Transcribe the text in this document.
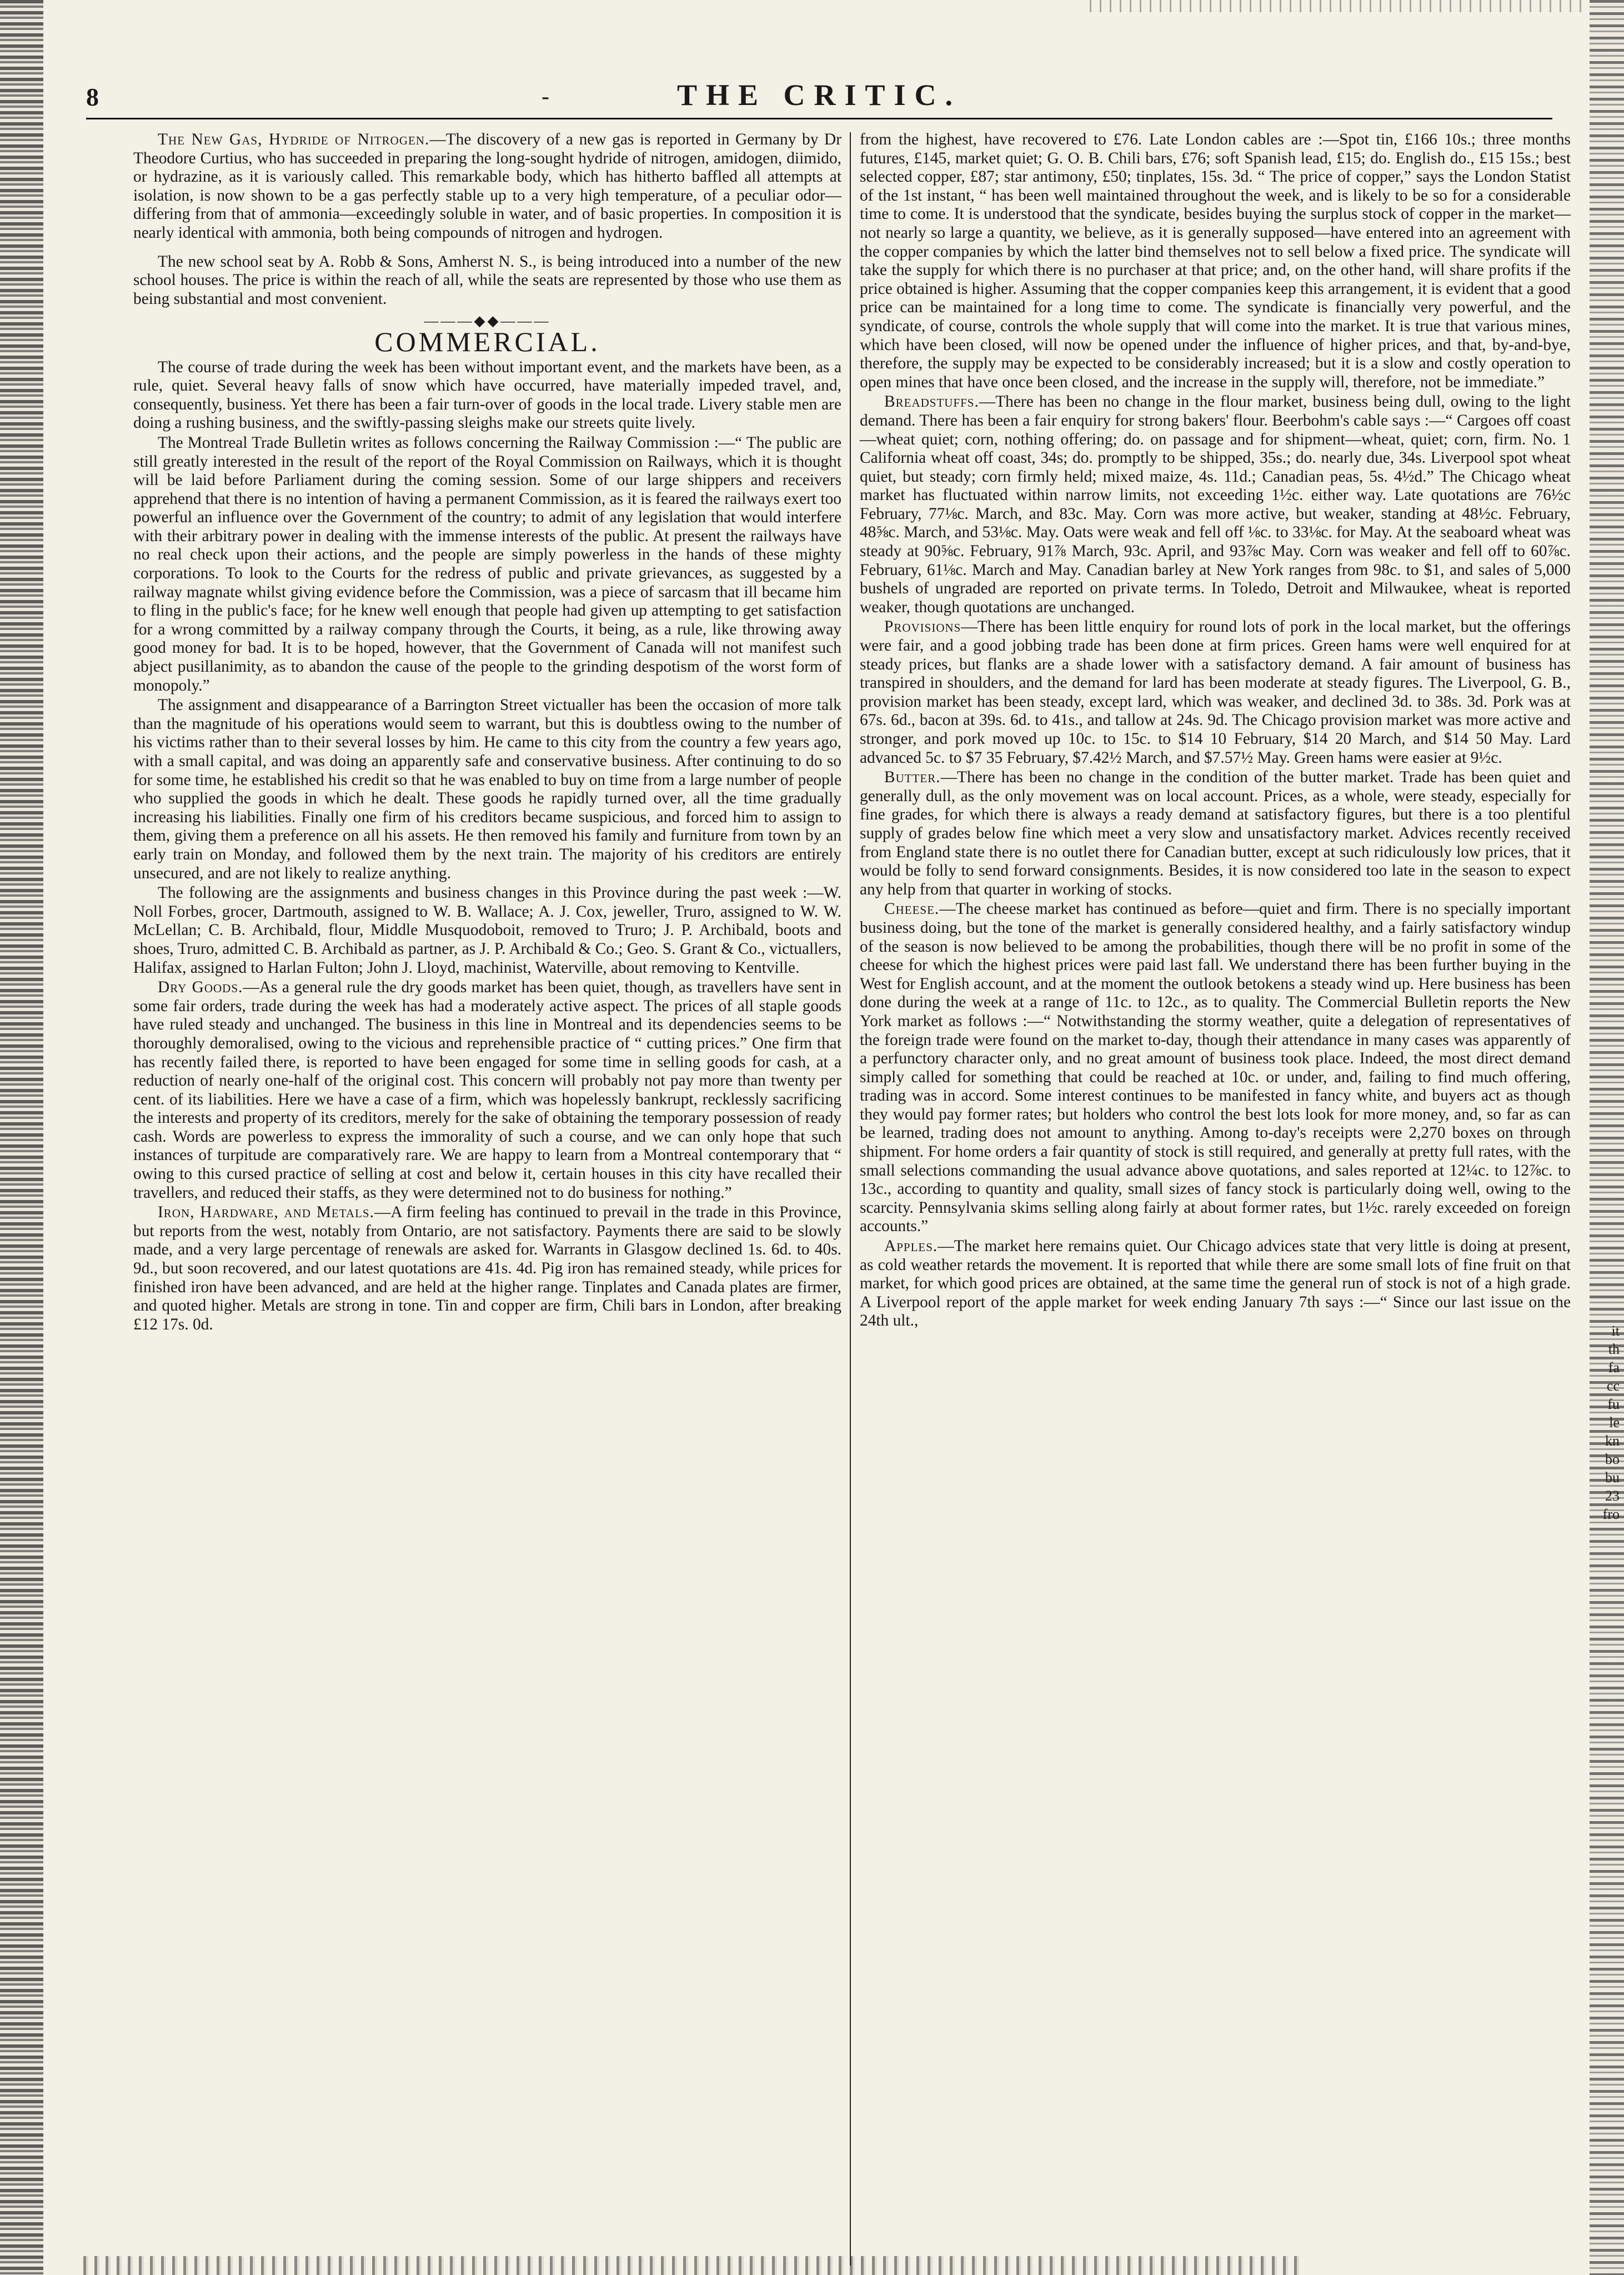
it
th
fa
cc
fu
le
kn
bo
bu
23
fro
8	-	THE CRITIC.

The New Gas, Hydride of Nitrogen.—The discovery of a new gas is reported in Germany by Dr Theodore Curtius, who has succeeded in preparing the long-sought hydride of nitrogen, amidogen, diimido, or hydrazine, as it is variously called. This remarkable body, which has hitherto baffled all attempts at isolation, is now shown to be a gas perfectly stable up to a very high temperature, of a peculiar odor—differing from that of ammonia—exceedingly soluble in water, and of basic properties. In composition it is nearly identical with ammonia, both being compounds of nitrogen and hydrogen.

The new school seat by A. Robb & Sons, Amherst N. S., is being introduced into a number of the new school houses. The price is within the reach of all, while the seats are represented by those who use them as being substantial and most convenient.

———◆◆———
COMMERCIAL.

The course of trade during the week has been without important event, and the markets have been, as a rule, quiet. Several heavy falls of snow which have occurred, have materially impeded travel, and, consequently, business. Yet there has been a fair turn-over of goods in the local trade. Livery stable men are doing a rushing business, and the swiftly-passing sleighs make our streets quite lively.

The Montreal Trade Bulletin writes as follows concerning the Railway Commission :—“ The public are still greatly interested in the result of the report of the Royal Commission on Railways, which it is thought will be laid before Parliament during the coming session. Some of our large shippers and receivers apprehend that there is no intention of having a permanent Commission, as it is feared the railways exert too powerful an influence over the Government of the country; to admit of any legislation that would interfere with their arbitrary power in dealing with the immense interests of the public. At present the railways have no real check upon their actions, and the people are simply powerless in the hands of these mighty corporations. To look to the Courts for the redress of public and private grievances, as suggested by a railway magnate whilst giving evidence before the Commission, was a piece of sarcasm that ill became him to fling in the public's face; for he knew well enough that people had given up attempting to get satisfaction for a wrong committed by a railway company through the Courts, it being, as a rule, like throwing away good money for bad. It is to be hoped, however, that the Government of Canada will not manifest such abject pusillanimity, as to abandon the cause of the people to the grinding despotism of the worst form of monopoly.”

The assignment and disappearance of a Barrington Street victualler has been the occasion of more talk than the magnitude of his operations would seem to warrant, but this is doubtless owing to the number of his victims rather than to their several losses by him. He came to this city from the country a few years ago, with a small capital, and was doing an apparently safe and conservative business. After continuing to do so for some time, he established his credit so that he was enabled to buy on time from a large number of people who supplied the goods in which he dealt. These goods he rapidly turned over, all the time gradually increasing his liabilities. Finally one firm of his creditors became suspicious, and forced him to assign to them, giving them a preference on all his assets. He then removed his family and furniture from town by an early train on Monday, and followed them by the next train. The majority of his creditors are entirely unsecured, and are not likely to realize anything.

The following are the assignments and business changes in this Province during the past week :—W. Noll Forbes, grocer, Dartmouth, assigned to W. B. Wallace; A. J. Cox, jeweller, Truro, assigned to W. W. McLellan; C. B. Archibald, flour, Middle Musquodoboit, removed to Truro; J. P. Archibald, boots and shoes, Truro, admitted C. B. Archibald as partner, as J. P. Archibald & Co.; Geo. S. Grant & Co., victuallers, Halifax, assigned to Harlan Fulton; John J. Lloyd, machinist, Waterville, about removing to Kentville.

Dry Goods.—As a general rule the dry goods market has been quiet, though, as travellers have sent in some fair orders, trade during the week has had a moderately active aspect. The prices of all staple goods have ruled steady and unchanged. The business in this line in Montreal and its dependencies seems to be thoroughly demoralised, owing to the vicious and reprehensible practice of “ cutting prices.” One firm that has recently failed there, is reported to have been engaged for some time in selling goods for cash, at a reduction of nearly one-half of the original cost. This concern will probably not pay more than twenty per cent. of its liabilities. Here we have a case of a firm, which was hopelessly bankrupt, recklessly sacrificing the interests and property of its creditors, merely for the sake of obtaining the temporary possession of ready cash. Words are powerless to express the immorality of such a course, and we can only hope that such instances of turpitude are comparatively rare. We are happy to learn from a Montreal contemporary that “ owing to this cursed practice of selling at cost and below it, certain houses in this city have recalled their travellers, and reduced their staffs, as they were determined not to do business for nothing.”

Iron, Hardware, and Metals.—A firm feeling has continued to prevail in the trade in this Province, but reports from the west, notably from Ontario, are not satisfactory. Payments there are said to be slowly made, and a very large percentage of renewals are asked for. Warrants in Glasgow declined 1s. 6d. to 40s. 9d., but soon recovered, and our latest quotations are 41s. 4d. Pig iron has remained steady, while prices for finished iron have been advanced, and are held at the higher range. Tinplates and Canada plates are firmer, and quoted higher. Metals are strong in tone. Tin and copper are firm, Chili bars in London, after breaking £12 17s. 0d.

from the highest, have recovered to £76. Late London cables are :—Spot tin, £166 10s.; three months futures, £145, market quiet; G. O. B. Chili bars, £76; soft Spanish lead, £15; do. English do., £15 15s.; best selected copper, £87; star antimony, £50; tinplates, 15s. 3d. “ The price of copper,” says the London Statist of the 1st instant, “ has been well maintained throughout the week, and is likely to be so for a considerable time to come. It is understood that the syndicate, besides buying the surplus stock of copper in the market—not nearly so large a quantity, we believe, as it is generally supposed—have entered into an agreement with the copper companies by which the latter bind themselves not to sell below a fixed price. The syndicate will take the supply for which there is no purchaser at that price; and, on the other hand, will share profits if the price obtained is higher. Assuming that the copper companies keep this arrangement, it is evident that a good price can be maintained for a long time to come. The syndicate is financially very powerful, and the syndicate, of course, controls the whole supply that will come into the market. It is true that various mines, which have been closed, will now be opened under the influence of higher prices, and that, by-and-bye, therefore, the supply may be expected to be considerably increased; but it is a slow and costly operation to open mines that have once been closed, and the increase in the supply will, therefore, not be immediate.”

Breadstuffs.—There has been no change in the flour market, business being dull, owing to the light demand. There has been a fair enquiry for strong bakers' flour. Beerbohm's cable says :—“ Cargoes off coast—wheat quiet; corn, nothing offering; do. on passage and for shipment—wheat, quiet; corn, firm. No. 1 California wheat off coast, 34s; do. promptly to be shipped, 35s.; do. nearly due, 34s. Liverpool spot wheat quiet, but steady; corn firmly held; mixed maize, 4s. 11d.; Canadian peas, 5s. 4½d.” The Chicago wheat market has fluctuated within narrow limits, not exceeding 1½c. either way. Late quotations are 76½c February, 77⅛c. March, and 83c. May. Corn was more active, but weaker, standing at 48½c. February, 48⅝c. March, and 53⅛c. May. Oats were weak and fell off ⅛c. to 33⅛c. for May. At the seaboard wheat was steady at 90⅝c. February, 91⅞ March, 93c. April, and 93⅞c May. Corn was weaker and fell off to 60⅞c. February, 61⅛c. March and May. Canadian barley at New York ranges from 98c. to $1, and sales of 5,000 bushels of ungraded are reported on private terms. In Toledo, Detroit and Milwaukee, wheat is reported weaker, though quotations are unchanged.

Provisions—There has been little enquiry for round lots of pork in the local market, but the offerings were fair, and a good jobbing trade has been done at firm prices. Green hams were well enquired for at steady prices, but flanks are a shade lower with a satisfactory demand. A fair amount of business has transpired in shoulders, and the demand for lard has been moderate at steady figures. The Liverpool, G. B., provision market has been steady, except lard, which was weaker, and declined 3d. to 38s. 3d. Pork was at 67s. 6d., bacon at 39s. 6d. to 41s., and tallow at 24s. 9d. The Chicago provision market was more active and stronger, and pork moved up 10c. to 15c. to $14 10 February, $14 20 March, and $14 50 May. Lard advanced 5c. to $7 35 February, $7.42½ March, and $7.57½ May. Green hams were easier at 9½c.

Butter.—There has been no change in the condition of the butter market. Trade has been quiet and generally dull, as the only movement was on local account. Prices, as a whole, were steady, especially for fine grades, for which there is always a ready demand at satisfactory figures, but there is a too plentiful supply of grades below fine which meet a very slow and unsatisfactory market. Advices recently received from England state there is no outlet there for Canadian butter, except at such ridiculously low prices, that it would be folly to send forward consignments. Besides, it is now considered too late in the season to expect any help from that quarter in working of stocks.

Cheese.—The cheese market has continued as before—quiet and firm. There is no specially important business doing, but the tone of the market is generally considered healthy, and a fairly satisfactory windup of the season is now believed to be among the probabilities, though there will be no profit in some of the cheese for which the highest prices were paid last fall. We understand there has been further buying in the West for English account, and at the moment the outlook betokens a steady wind up. Here business has been done during the week at a range of 11c. to 12c., as to quality. The Commercial Bulletin reports the New York market as follows :—“ Notwithstanding the stormy weather, quite a delegation of representatives of the foreign trade were found on the market to-day, though their attendance in many cases was apparently of a perfunctory character only, and no great amount of business took place. Indeed, the most direct demand simply called for something that could be reached at 10c. or under, and, failing to find much offering, trading was in accord. Some interest continues to be manifested in fancy white, and buyers act as though they would pay former rates; but holders who control the best lots look for more money, and, so far as can be learned, trading does not amount to anything. Among to-day's receipts were 2,270 boxes on through shipment. For home orders a fair quantity of stock is still required, and generally at pretty full rates, with the small selections commanding the usual advance above quotations, and sales reported at 12¼c. to 12⅞c. to 13c., according to quantity and quality, small sizes of fancy stock is particularly doing well, owing to the scarcity. Pennsylvania skims selling along fairly at about former rates, but 1½c. rarely exceeded on foreign accounts.”

Apples.—The market here remains quiet. Our Chicago advices state that very little is doing at present, as cold weather retards the movement. It is reported that while there are some small lots of fine fruit on that market, for which good prices are obtained, at the same time the general run of stock is not of a high grade. A Liverpool report of the apple market for week ending January 7th says :—“ Since our last issue on the 24th ult.,
